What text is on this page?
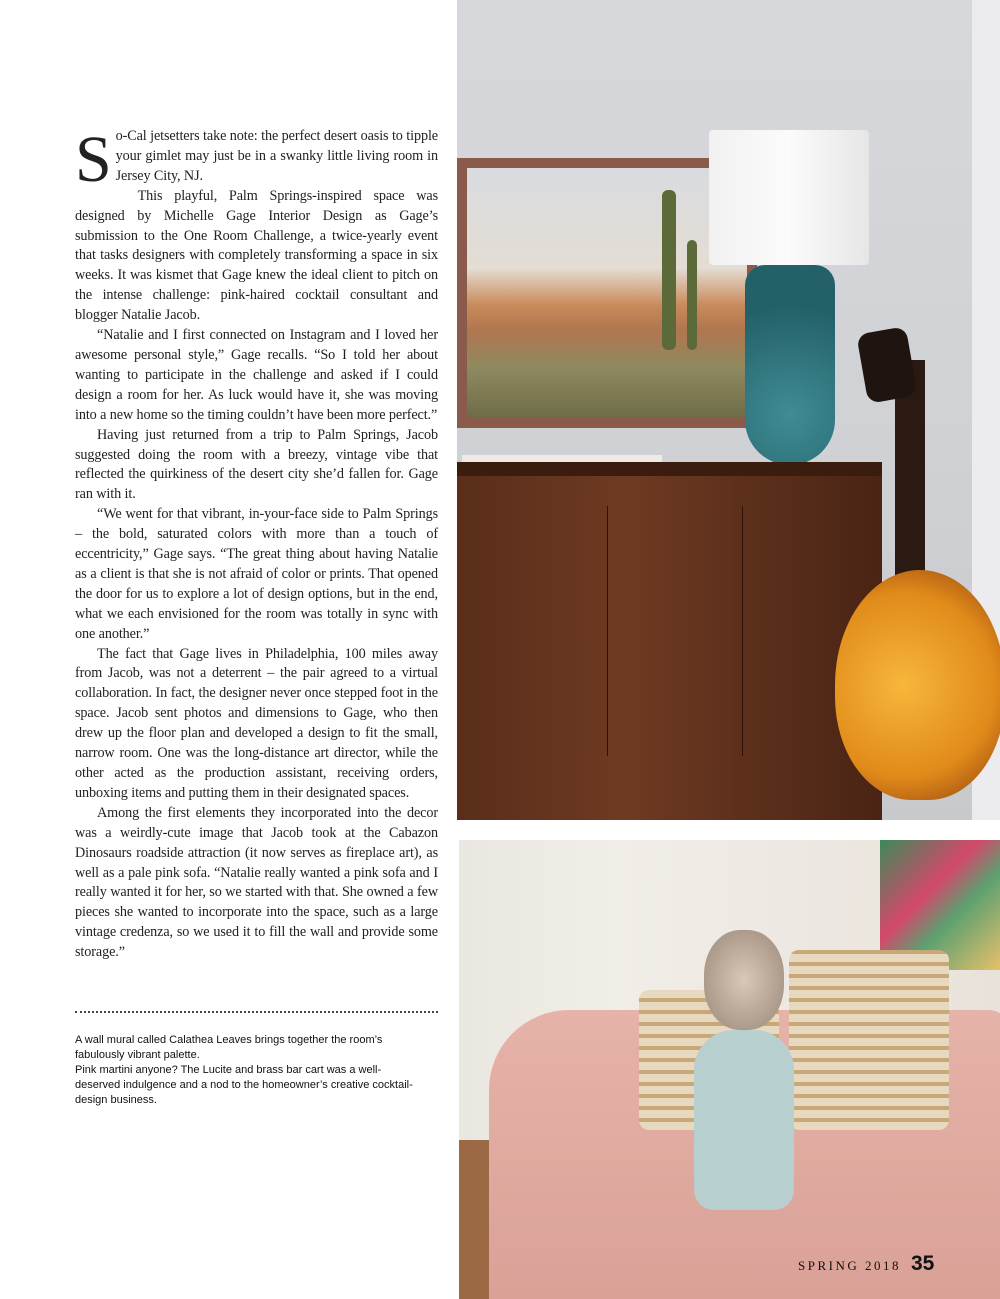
So-Cal jetsetters take note: the perfect desert oasis to tipple your gimlet may just be in a swanky little living room in Jersey City, NJ.

This playful, Palm Springs-inspired space was designed by Michelle Gage Interior Design as Gage’s submission to the One Room Challenge, a twice-yearly event that tasks designers with completely transforming a space in six weeks. It was kismet that Gage knew the ideal client to pitch on the intense challenge: pink-haired cocktail consultant and blogger Natalie Jacob.

“Natalie and I first connected on Instagram and I loved her awesome personal style,” Gage recalls. “So I told her about wanting to participate in the challenge and asked if I could design a room for her. As luck would have it, she was moving into a new home so the timing couldn’t have been more perfect.”

Having just returned from a trip to Palm Springs, Jacob suggested doing the room with a breezy, vintage vibe that reflected the quirkiness of the desert city she’d fallen for. Gage ran with it.

“We went for that vibrant, in-your-face side to Palm Springs – the bold, saturated colors with more than a touch of eccentricity,” Gage says. “The great thing about having Natalie as a client is that she is not afraid of color or prints. That opened the door for us to explore a lot of design options, but in the end, what we each envisioned for the room was totally in sync with one another.”

The fact that Gage lives in Philadelphia, 100 miles away from Jacob, was not a deterrent – the pair agreed to a virtual collaboration. In fact, the designer never once stepped foot in the space. Jacob sent photos and dimensions to Gage, who then drew up the floor plan and developed a design to fit the small, narrow room. One was the long-distance art director, while the other acted as the production assistant, receiving orders, unboxing items and putting them in their designated spaces.

Among the first elements they incorporated into the decor was a weirdly-cute image that Jacob took at the Cabazon Dinosaurs roadside attraction (it now serves as fireplace art), as well as a pale pink sofa. “Natalie really wanted a pink sofa and I really wanted it for her, so we started with that. She owned a few pieces she wanted to incorporate into the space, such as a large vintage credenza, so we used it to fill the wall and provide some storage.”

A wall mural called Calathea Leaves brings together the room’s fabulously vibrant palette.
Pink martini anyone? The Lucite and brass bar cart was a well-deserved indulgence and a nod to the homeowner’s creative cocktail-design business.
SPRING 2018 35
